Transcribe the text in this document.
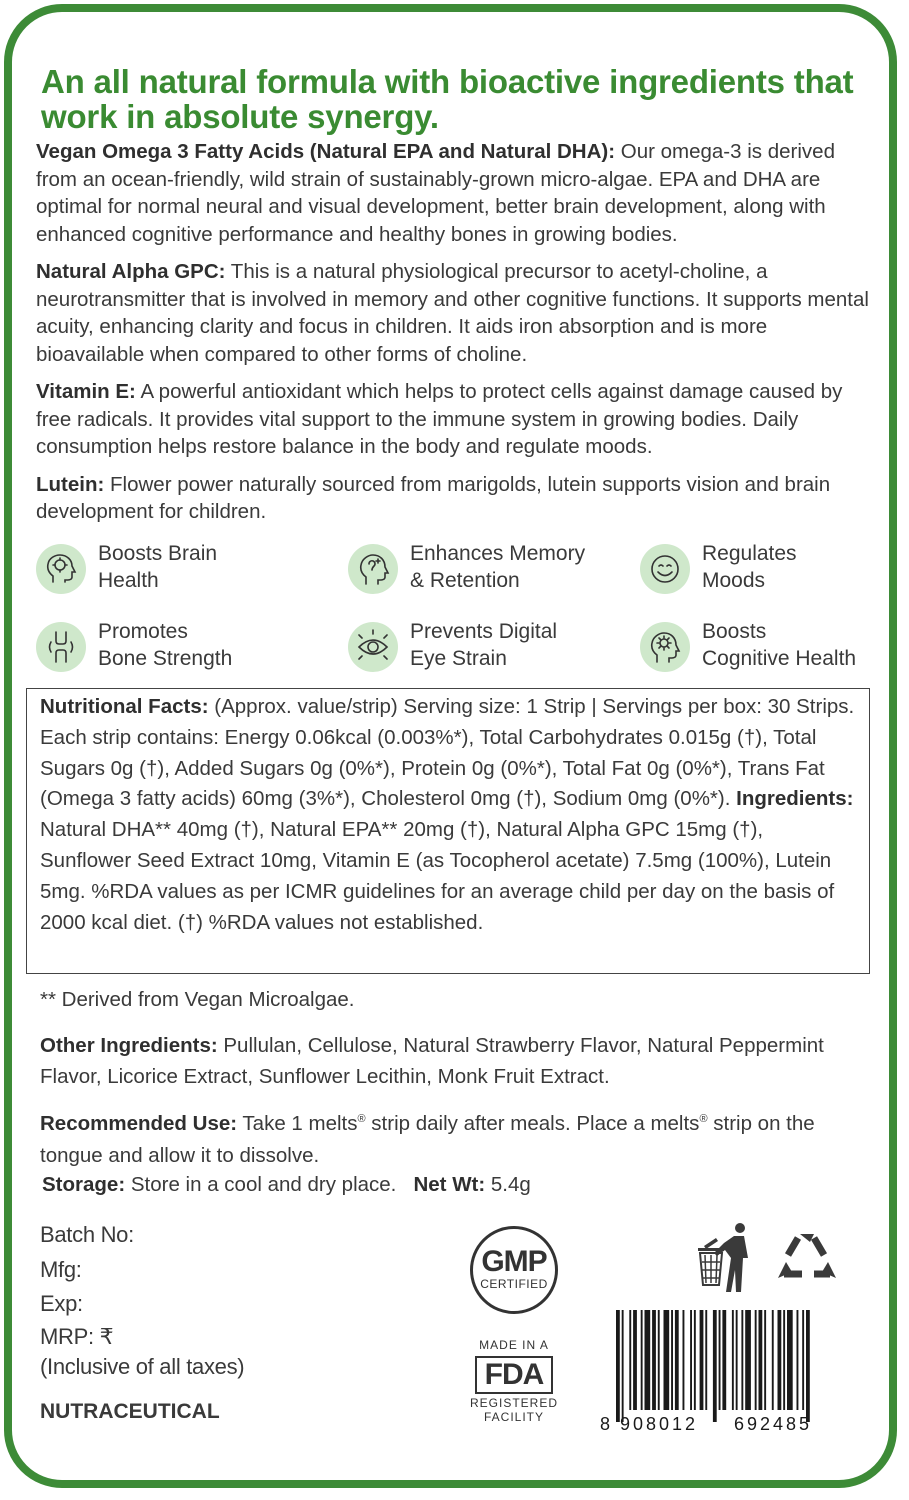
An all natural formula with bioactive ingredients that work in absolute synergy.

Vegan Omega 3 Fatty Acids (Natural EPA and Natural DHA): Our omega-3 is derived from an ocean-friendly, wild strain of sustainably-grown micro-algae. EPA and DHA are optimal for normal neural and visual development, better brain development, along with enhanced cognitive performance and healthy bones in growing bodies.

Natural Alpha GPC: This is a natural physiological precursor to acetyl-choline, a neurotransmitter that is involved in memory and other cognitive functions. It supports mental acuity, enhancing clarity and focus in children. It aids iron absorption and is more bioavailable when compared to other forms of choline.

Vitamin E: A powerful antioxidant which helps to protect cells against damage caused by free radicals. It provides vital support to the immune system in growing bodies. Daily consumption helps restore balance in the body and regulate moods.

Lutein: Flower power naturally sourced from marigolds, lutein supports vision and brain development for children.

Boosts Brain
Health
Enhances Memory
& Retention
Regulates
Moods
Promotes
Bone Strength
Prevents Digital
Eye Strain
Boosts
Cognitive Health
Nutritional Facts: (Approx. value/strip) Serving size: 1 Strip | Servings per box: 30 Strips. Each strip contains: Energy 0.06kcal (0.003%*), Total Carbohydrates 0.015g (†), Total Sugars 0g (†), Added Sugars 0g (0%*), Protein 0g (0%*), Total Fat 0g (0%*), Trans Fat (Omega 3 fatty acids) 60mg (3%*), Cholesterol 0mg (†), Sodium 0mg (0%*). Ingredients: Natural DHA** 40mg (†), Natural EPA** 20mg (†), Natural Alpha GPC 15mg (†), Sunflower Seed Extract 10mg, Vitamin E (as Tocopherol acetate) 7.5mg (100%), Lutein 5mg. %RDA values as per ICMR guidelines for an average child per day on the basis of 2000 kcal diet. (†) %RDA values not established.
** Derived from Vegan Microalgae.
Other Ingredients: Pullulan, Cellulose, Natural Strawberry Flavor, Natural Peppermint Flavor, Licorice Extract, Sunflower Lecithin, Monk Fruit Extract.
Recommended Use: Take 1 melts® strip daily after meals. Place a melts® strip on the tongue and allow it to dissolve.
Storage: Store in a cool and dry place. Net Wt: 5.4g
Batch No:
Mfg:
Exp:
MRP: ₹
(Inclusive of all taxes)
NUTRACEUTICAL
GMP
CERTIFIED
MADE IN A
FDA
REGISTERED
FACILITY	8 908012 692485
